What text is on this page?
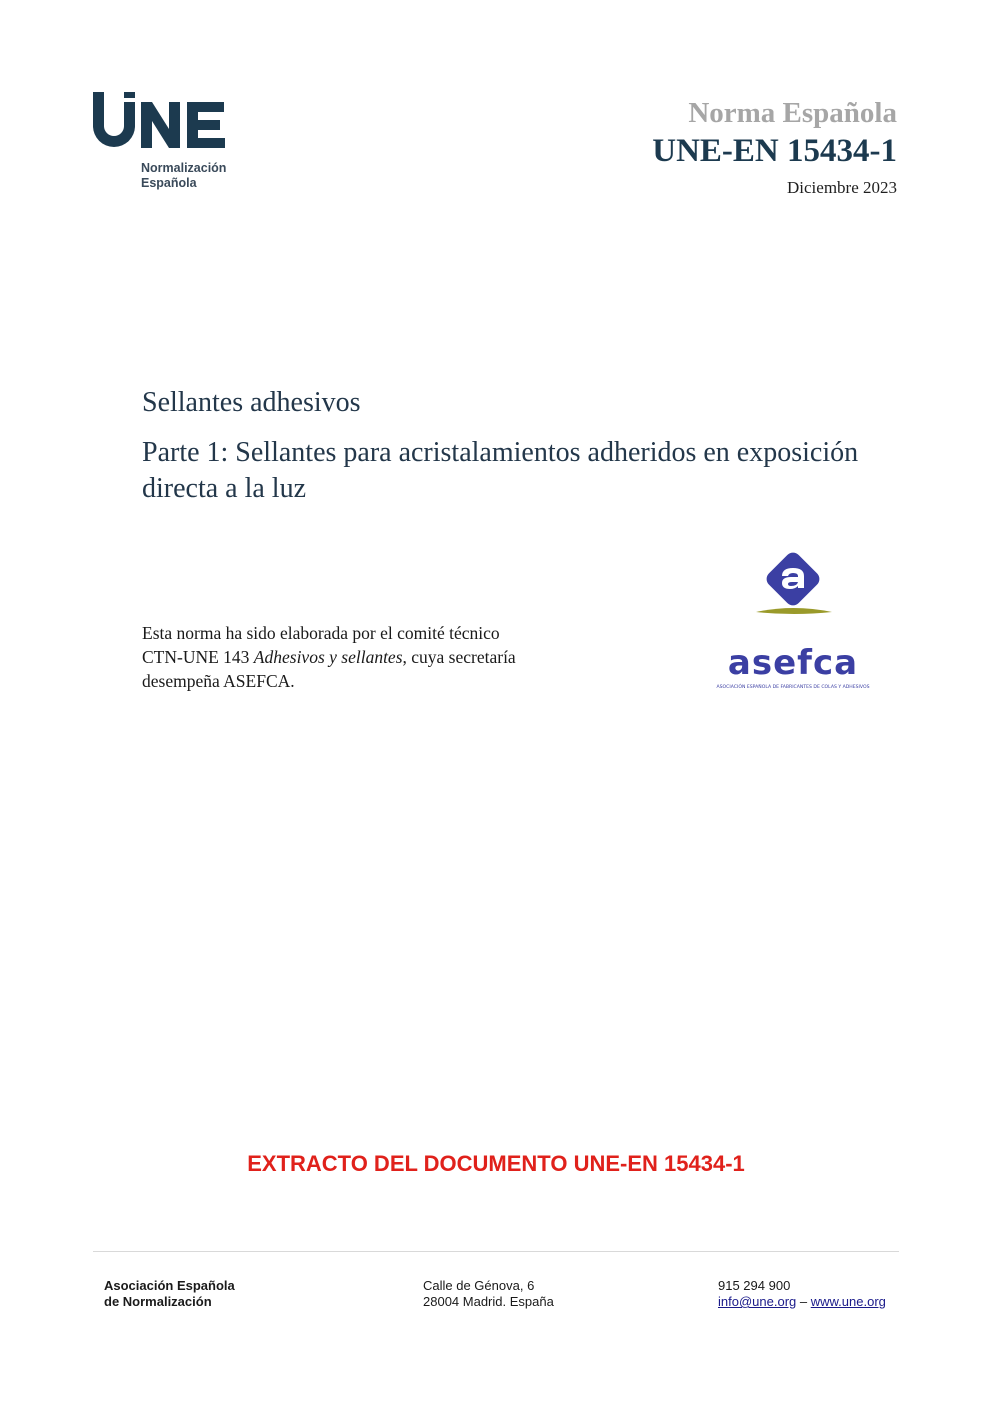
UNE
Normalización
Española
Norma Española
UNE-EN 15434-1
Diciembre 2023
Sellantes adhesivos
Parte 1: Sellantes para acristalamientos adheridos en exposición directa a la luz
Esta norma ha sido elaborada por el comité técnico
CTN-UNE 143 Adhesivos y sellantes, cuya secretaría
desempeña ASEFCA.	asefca
ASOCIACIÓN ESPAÑOLA DE FABRICANTES DE COLAS Y ADHESIVOS
EXTRACTO DEL DOCUMENTO UNE-EN 15434-1
Asociación Española
de Normalización
Calle de Génova, 6
28004 Madrid. España
915 294 900
info@une.org – www.une.org
